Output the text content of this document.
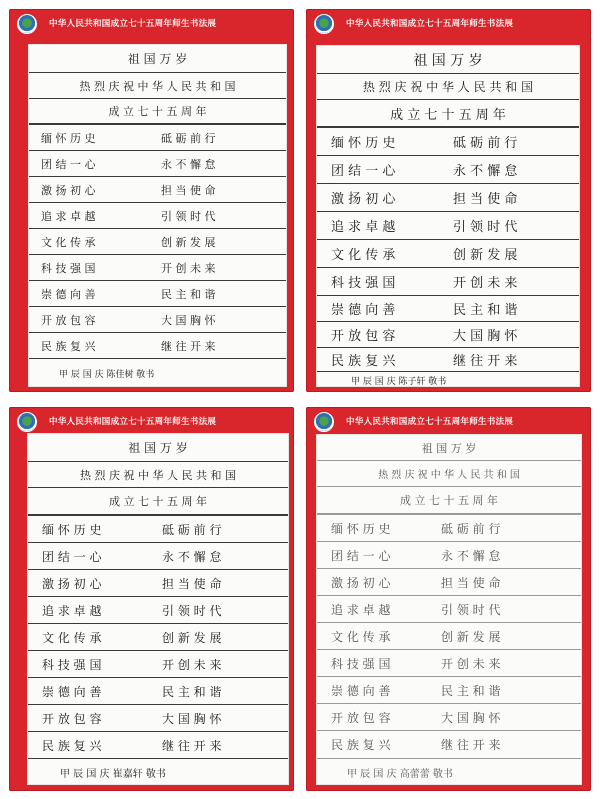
中华人民共和国成立七十五周年师生书法展
祖 国 万 岁
热 烈 庆 祝 中 华 人 民 共 和 国
成 立 七 十 五 周 年
缅 怀 历 史	砥 砺 前 行
团 结 一 心	永 不 懈 怠
激 扬 初 心	担 当 使 命
追 求 卓 越	引 领 时 代
文 化 传 承	创 新 发 展
科 技 强 国	开 创 未 来
崇 德 向 善	民 主 和 谐
开 放 包 容	大 国 胸 怀
民 族 复 兴	继 往 开 来
甲 辰 国 庆 陈佳树 敬书
中华人民共和国成立七十五周年师生书法展
祖 国 万 岁
热 烈 庆 祝 中 华 人 民 共 和 国
成 立 七 十 五 周 年
缅 怀 历 史	砥 砺 前 行
团 结 一 心	永 不 懈 怠
激 扬 初 心	担 当 使 命
追 求 卓 越	引 领 时 代
文 化 传 承	创 新 发 展
科 技 强 国	开 创 未 来
崇 德 向 善	民 主 和 谐
开 放 包 容	大 国 胸 怀
民 族 复 兴	继 往 开 来
甲 辰 国 庆 陈子轩 敬书
中华人民共和国成立七十五周年师生书法展
祖 国 万 岁
热 烈 庆 祝 中 华 人 民 共 和 国
成 立 七 十 五 周 年
缅 怀 历 史	砥 砺 前 行
团 结 一 心	永 不 懈 怠
激 扬 初 心	担 当 使 命
追 求 卓 越	引 领 时 代
文 化 传 承	创 新 发 展
科 技 强 国	开 创 未 来
崇 德 向 善	民 主 和 谐
开 放 包 容	大 国 胸 怀
民 族 复 兴	继 往 开 来
甲 辰 国 庆 崔嘉轩 敬书
中华人民共和国成立七十五周年师生书法展
祖 国 万 岁
热 烈 庆 祝 中 华 人 民 共 和 国
成 立 七 十 五 周 年
缅 怀 历 史	砥 砺 前 行
团 结 一 心	永 不 懈 怠
激 扬 初 心	担 当 使 命
追 求 卓 越	引 领 时 代
文 化 传 承	创 新 发 展
科 技 强 国	开 创 未 来
崇 德 向 善	民 主 和 谐
开 放 包 容	大 国 胸 怀
民 族 复 兴	继 往 开 来
甲 辰 国 庆 高蕾蕾 敬书
